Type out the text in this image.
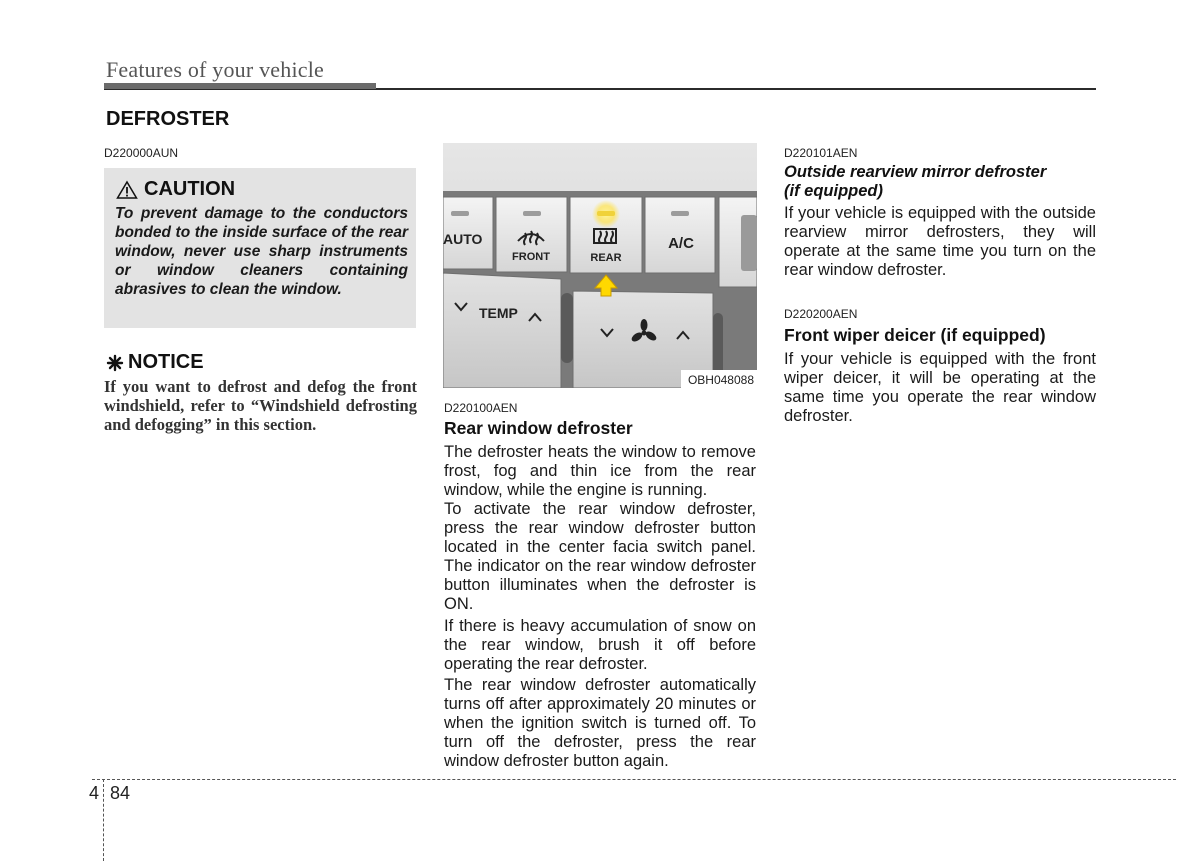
Features of your vehicle
DEFROSTER
D220000AUN
CAUTION
To prevent damage to the conductors bonded to the inside surface of the rear window, never use sharp instruments or window cleaners containing abrasives to clean the window.
NOTICE
If you want to defrost and defog the front windshield, refer to “Windshield defrosting and defogging” in this section.
AUTO
FRONT	REAR
A/C
TEMP
OBH048088
D220100AEN
Rear window defroster
The defroster heats the window to remove frost, fog and thin ice from the rear window, while the engine is running.
To activate the rear window defroster, press the rear window defroster button located in the center facia switch panel. The indicator on the rear window defroster button illuminates when the defroster is ON.
If there is heavy accumulation of snow on the rear window, brush it off before operating the rear defroster.
The rear window defroster automatically turns off after approximately 20 minutes or when the ignition switch is turned off. To turn off the defroster, press the rear window defroster button again.
D220101AEN
Outside rearview mirror defroster
(if equipped)
If your vehicle is equipped with the outside rearview mirror defrosters, they will operate at the same time you turn on the rear window defroster.
D220200AEN
Front wiper deicer (if equipped)
If your vehicle is equipped with the front wiper deicer, it will be operating at the same time you operate the rear window defroster.
4 84
